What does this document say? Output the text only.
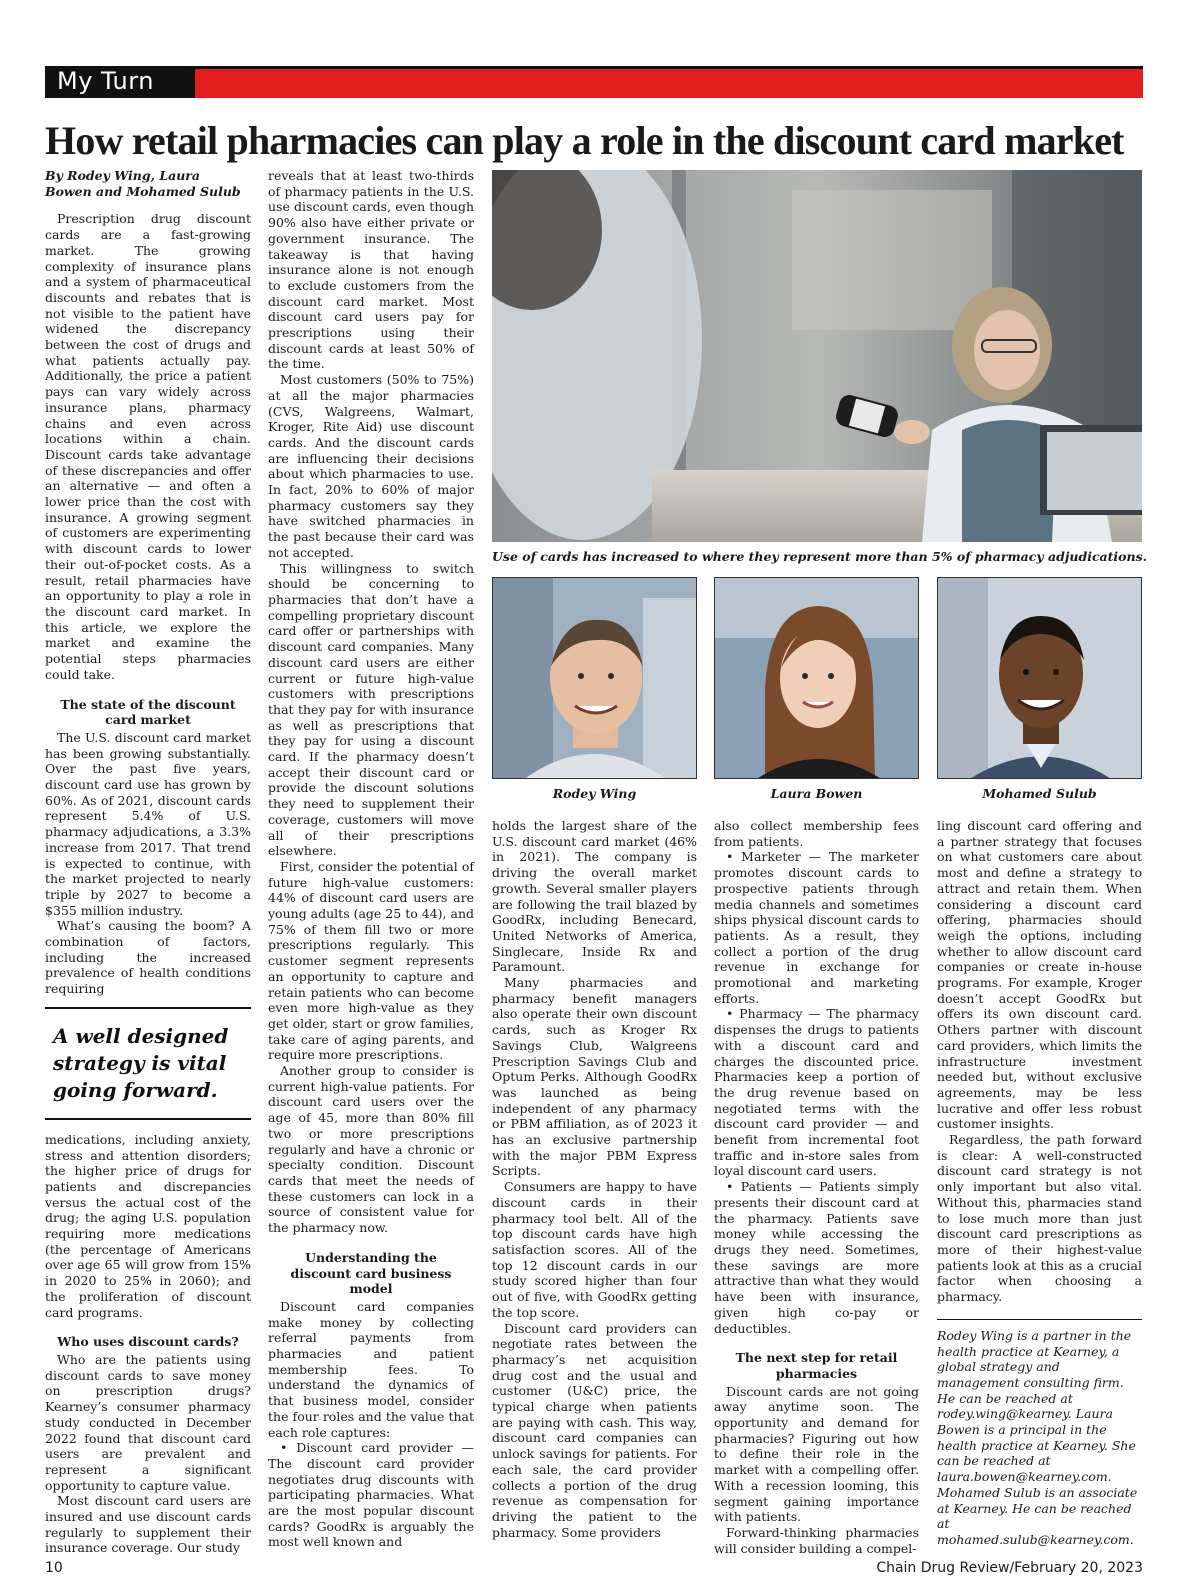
My Turn
How retail pharmacies can play a role in the discount card market
By Rodey Wing, Laura Bowen and Mohamed Sulub

Prescription drug discount cards are a fast-growing market. The growing complexity of insurance plans and a system of pharmaceutical discounts and rebates that is not visible to the patient have widened the discrepancy between the cost of drugs and what patients actually pay. Additionally, the price a patient pays can vary widely across insurance plans, pharmacy chains and even across locations within a chain. Discount cards take advantage of these discrepancies and offer an alternative — and often a lower price than the cost with insurance. A growing segment of customers are experimenting with discount cards to lower their out-of-pocket costs. As a result, retail pharmacies have an opportunity to play a role in the discount card market. In this article, we explore the market and examine the potential steps pharmacies could take.

The state of the discount card market

The U.S. discount card market has been growing substantially. Over the past five years, discount card use has grown by 60%. As of 2021, discount cards represent 5.4% of U.S. pharmacy adjudications, a 3.3% increase from 2017. That trend is expected to continue, with the market projected to nearly triple by 2027 to become a $355 million industry.

What’s causing the boom? A combination of factors, including the increased prevalence of health conditions requiring

A well designed strategy is vital going forward.

medications, including anxiety, stress and attention disorders; the higher price of drugs for patients and discrepancies versus the actual cost of the drug; the aging U.S. population requiring more medications (the percentage of Americans over age 65 will grow from 15% in 2020 to 25% in 2060); and the proliferation of discount card programs.

Who uses discount cards?

Who are the patients using discount cards to save money on prescription drugs? Kearney’s consumer pharmacy study conducted in December 2022 found that discount card users are prevalent and represent a significant opportunity to capture value.

Most discount card users are insured and use discount cards regularly to supplement their insurance coverage. Our study

reveals that at least two-thirds of pharmacy patients in the U.S. use discount cards, even though 90% also have either private or government insurance. The takeaway is that having insurance alone is not enough to exclude customers from the discount card market. Most discount card users pay for prescriptions using their discount cards at least 50% of the time.

Most customers (50% to 75%) at all the major pharmacies (CVS, Walgreens, Walmart, Kroger, Rite Aid) use discount cards. And the discount cards are influencing their decisions about which pharmacies to use. In fact, 20% to 60% of major pharmacy customers say they have switched pharmacies in the past because their card was not accepted.

This willingness to switch should be concerning to pharmacies that don’t have a compelling proprietary discount card offer or partnerships with discount card companies. Many discount card users are either current or future high-value customers with prescriptions that they pay for with insurance as well as prescriptions that they pay for using a discount card. If the pharmacy doesn’t accept their discount card or provide the discount solutions they need to supplement their coverage, customers will move all of their prescriptions elsewhere.

First, consider the potential of future high-value customers: 44% of discount card users are young adults (age 25 to 44), and 75% of them fill two or more prescriptions regularly. This customer segment represents an opportunity to capture and retain patients who can become even more high-value as they get older, start or grow families, take care of aging parents, and require more prescriptions.

Another group to consider is current high-value patients. For discount card users over the age of 45, more than 80% fill two or more prescriptions regularly and have a chronic or specialty condition. Discount cards that meet the needs of these customers can lock in a source of consistent value for the pharmacy now.

Understanding the discount card business model

Discount card companies make money by collecting referral payments from pharmacies and patient membership fees. To understand the dynamics of that business model, consider the four roles and the value that each role captures:

• Discount card provider — The discount card provider negotiates drug discounts with participating pharmacies. What are the most popular discount cards? GoodRx is arguably the most well known and

Use of cards has increased to where they represent more than 5% of pharmacy adjudications.
Rodey Wing	Laura Bowen	Mohamed Sulub

holds the largest share of the U.S. discount card market (46% in 2021). The company is driving the overall market growth. Several smaller players are following the trail blazed by GoodRx, including Benecard, United Networks of America, Singlecare, Inside Rx and Paramount.

Many pharmacies and pharmacy benefit managers also operate their own discount cards, such as Kroger Rx Savings Club, Walgreens Prescription Savings Club and Optum Perks. Although GoodRx was launched as being independent of any pharmacy or PBM affiliation, as of 2023 it has an exclusive partnership with the major PBM Express Scripts.

Consumers are happy to have discount cards in their pharmacy tool belt. All of the top discount cards have high satisfaction scores. All of the top 12 discount cards in our study scored higher than four out of five, with GoodRx getting the top score.

Discount card providers can negotiate rates between the pharmacy’s net acquisition drug cost and the usual and customer (U&C) price, the typical charge when patients are paying with cash. This way, discount card companies can unlock savings for patients. For each sale, the card provider collects a portion of the drug revenue as compensation for driving the patient to the pharmacy. Some providers

also collect membership fees from patients.

• Marketer — The marketer promotes discount cards to prospective patients through media channels and sometimes ships physical discount cards to patients. As a result, they collect a portion of the drug revenue in exchange for promotional and marketing efforts.

• Pharmacy — The pharmacy dispenses the drugs to patients with a discount card and charges the discounted price. Pharmacies keep a portion of the drug revenue based on negotiated terms with the discount card provider — and benefit from incremental foot traffic and in-store sales from loyal discount card users.

• Patients — Patients simply presents their discount card at the pharmacy. Patients save money while accessing the drugs they need. Sometimes, these savings are more attractive than what they would have been with insurance, given high co-pay or deductibles.

The next step for retail pharmacies

Discount cards are not going away anytime soon. The opportunity and demand for pharmacies? Figuring out how to define their role in the market with a compelling offer. With a recession looming, this segment gaining importance with patients.

Forward-thinking pharmacies will consider building a compel-

ling discount card offering and a partner strategy that focuses on what customers care about most and define a strategy to attract and retain them. When considering a discount card offering, pharmacies should weigh the options, including whether to allow discount card companies or create in-house programs. For example, Kroger doesn’t accept GoodRx but offers its own discount card. Others partner with discount card providers, which limits the infrastructure investment needed but, without exclusive agreements, may be less lucrative and offer less robust customer insights.

Regardless, the path forward is clear: A well-constructed discount card strategy is not only important but also vital. Without this, pharmacies stand to lose much more than just discount card prescriptions as more of their highest-value patients look at this as a crucial factor when choosing a pharmacy.

Rodey Wing is a partner in the health practice at Kearney, a global strategy and management consulting firm. He can be reached at rodey.wing@kearney. Laura Bowen is a principal in the health practice at Kearney. She can be reached at laura.bowen@kearney.com. Mohamed Sulub is an associate at Kearney. He can be reached at mohamed.sulub@kearney.com.

10	Chain Drug Review/February 20, 2023
